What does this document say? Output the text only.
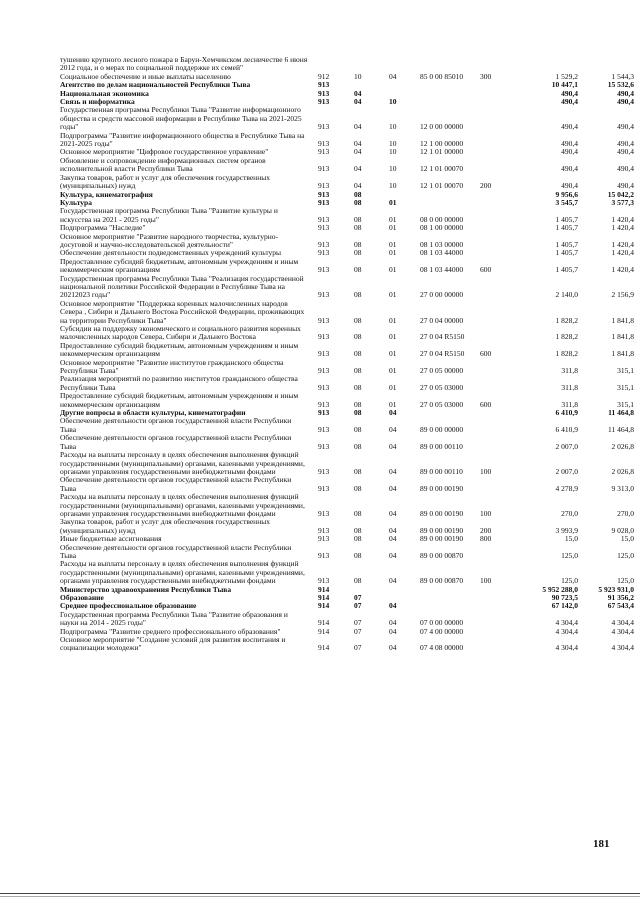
тушению крупного лесного пожара в Барун-Хемчикском лесничестве 6 июня 2012 года, и о мерах по социальной поддержке их семей"
Социальное обеспечение и иные выплаты населению	912	10	04	85 0 00 85010 300	1 529,2	1 544,3
Агентство по делам национальностей Республики Тыва	913	10 447,1	15 532,6
Национальная экономика	913	04	490,4	490,4
Связь и информатика	913	04	10	490,4	490,4
Государственная программа Республики Тыва "Развитие информационного общества и средств массовой информации в Республике Тыва на 2021-2025 годы"	913	04	10	12 0 00 00000	490,4	490,4
Подпрограмма "Развитие информационного общества в Республике Тыва на 2021-2025 годы"	913	04	10	12 1 00 00000	490,4	490,4
Основное мероприятие "Цифровое государственное управление"	913	04	10	12 1 01 00000	490,4	490,4
Обновление и сопровождение информационных систем органов исполнительной власти Республики Тыва	913	04	10	12 1 01 00070	490,4	490,4
Закупка товаров, работ и услуг для обеспечения государственных (муниципальных) нужд	913	04	10	12 1 01 00070 200	490,4	490,4
Культура, кинематография	913	08	9 956,6	15 042,2
Культура	913	08	01	3 545,7	3 577,3
Государственная программа Республики Тыва "Развитие культуры и искусства на 2021 - 2025 годы"	913	08	01	08 0 00 00000	1 405,7	1 420,4
Подпрограмма "Наследие"	913	08	01	08 1 00 00000	1 405,7	1 420,4
Основное мероприятие "Развитие народного творчества, культурно-досуговой и научно-исследовательской деятельности"	913	08	01	08 1 03 00000	1 405,7	1 420,4
Обеспечение деятельности подведомственных учреждений культуры	913	08	01	08 1 03 44000	1 405,7	1 420,4
Предоставление субсидий бюджетным, автономным учреждениям и иным некоммерческим организациям	913	08	01	08 1 03 44000 600	1 405,7	1 420,4
Государственная программа Республики Тыва "Реализация государственной национальной политики Российской Федерации в Республике Тыва на 20212023 годы"	913	08	01	27 0 00 00000	2 140,0	2 156,9
Основное мероприятие "Поддержка коренных малочисленных народов Севера , Сибири и Дальнего Востока Российской Федерации, проживающих на территории Республики Тыва"	913	08	01	27 0 04 00000	1 828,2	1 841,8
Субсидии на поддержку экономического и социального развития коренных малочисленных народов Севера, Сибири и Дальнего Востока	913	08	01	27 0 04 R5150	1 828,2	1 841,8
Предоставление субсидий бюджетным, автономным учреждениям и иным некоммерческим организациям	913	08	01	27 0 04 R5150 600	1 828,2	1 841,8
Основное мероприятие "Развитие институтов гражданского общества Республики Тыва"	913	08	01	27 0 05 00000	311,8	315,1
Реализация мероприятий по развитию институтов гражданского общества Республики Тыва	913	08	01	27 0 05 03000	311,8	315,1
Предоставление субсидий бюджетным, автономным учреждениям и иным некоммерческим организациям	913	08	01	27 0 05 03000 600	311,8	315,1
Другие вопросы в области культуры, кинематографии	913	08	04	6 410,9	11 464,8
Обеспечение деятельности органов государственной власти Республики Тыва	913	08	04	89 0 00 00000	6 410,9	11 464,8
Обеспечение деятельности органов государственной власти Республики Тыва	913	08	04	89 0 00 00110	2 007,0	2 026,8
Расходы на выплаты персоналу в целях обеспечения выполнения функций государственными (муниципальными) органами, казенными учреждениями, органами управления государственными внебюджетными фондами	913	08	04	89 0 00 00110 100	2 007,0	2 026,8
Обеспечение деятельности органов государственной власти Республики Тыва	913	08	04	89 0 00 00190	4 278,9	9 313,0
Расходы на выплаты персоналу в целях обеспечения выполнения функций государственными (муниципальными) органами, казенными учреждениями, органами управления государственными внебюджетными фондами	913	08	04	89 0 00 00190 100	270,0	270,0
Закупка товаров, работ и услуг для обеспечения государственных (муниципальных) нужд	913	08	04	89 0 00 00190 200	3 993,9	9 028,0
Иные бюджетные ассигнования	913	08	04	89 0 00 00190 800	15,0	15,0
Обеспечение деятельности органов государственной власти Республики Тыва	913	08	04	89 0 00 00870	125,0	125,0
Расходы на выплаты персоналу в целях обеспечения выполнения функций государственными (муниципальными) органами, казенными учреждениями, органами управления государственными внебюджетными фондами	913	08	04	89 0 00 00870 100	125,0	125,0
Министерство здравоохранения Республики Тыва	914	5 952 288,0	5 923 931,0
Образование	914	07	90 723,5	91 356,2
Среднее профессиональное образование	914	07	04	67 142,0	67 543,4
Государственная программа Республики Тыва "Развитие образования и науки на 2014 - 2025 годы"	914	07	04	07 0 00 00000	4 304,4	4 304,4
Подпрограмма "Развитие среднего профессионального образования"	914	07	04	07 4 00 00000	4 304,4	4 304,4
Основное мероприятие "Создание условий для развития воспитания и социализации молодежи"	914	07	04	07 4 08 00000	4 304,4	4 304,4
181
